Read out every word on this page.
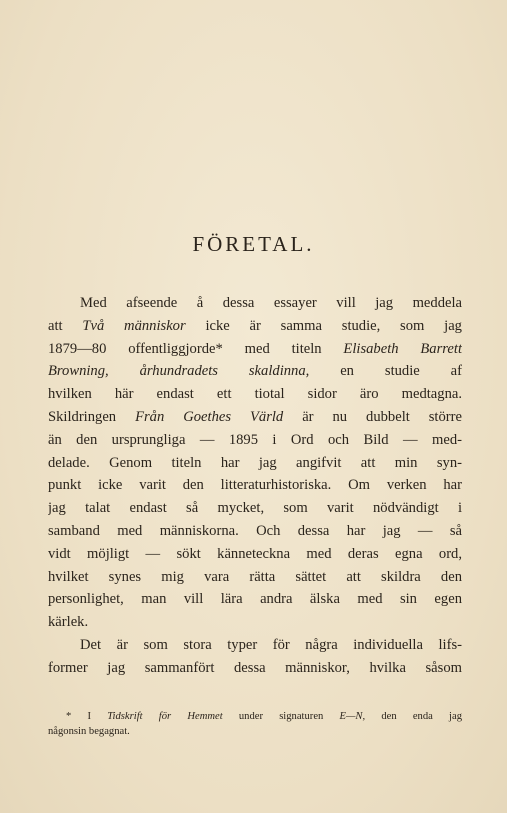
FÖRETAL.
Med afseende å dessa essayer vill jag meddela
att Två människor icke är samma studie, som jag
1879—80 offentliggjorde* med titeln Elisabeth Barrett
Browning, århundradets skaldinna, en studie af
hvilken här endast ett tiotal sidor äro medtagna.
Skildringen Från Goethes Värld är nu dubbelt större
än den ursprungliga — 1895 i Ord och Bild — med-
delade. Genom titeln har jag angifvit att min syn-
punkt icke varit den litteraturhistoriska. Om verken har
jag talat endast så mycket, som varit nödvändigt i
samband med människorna. Och dessa har jag — så
vidt möjligt — sökt känneteckna med deras egna ord,
hvilket synes mig vara rätta sättet att skildra den
personlighet, man vill lära andra älska med sin egen
kärlek.
Det är som stora typer för några individuella lifs-
former jag sammanfört dessa människor, hvilka såsom
* I Tidskrift för Hemmet under signaturen E—N, den enda jag
någonsin begagnat.
